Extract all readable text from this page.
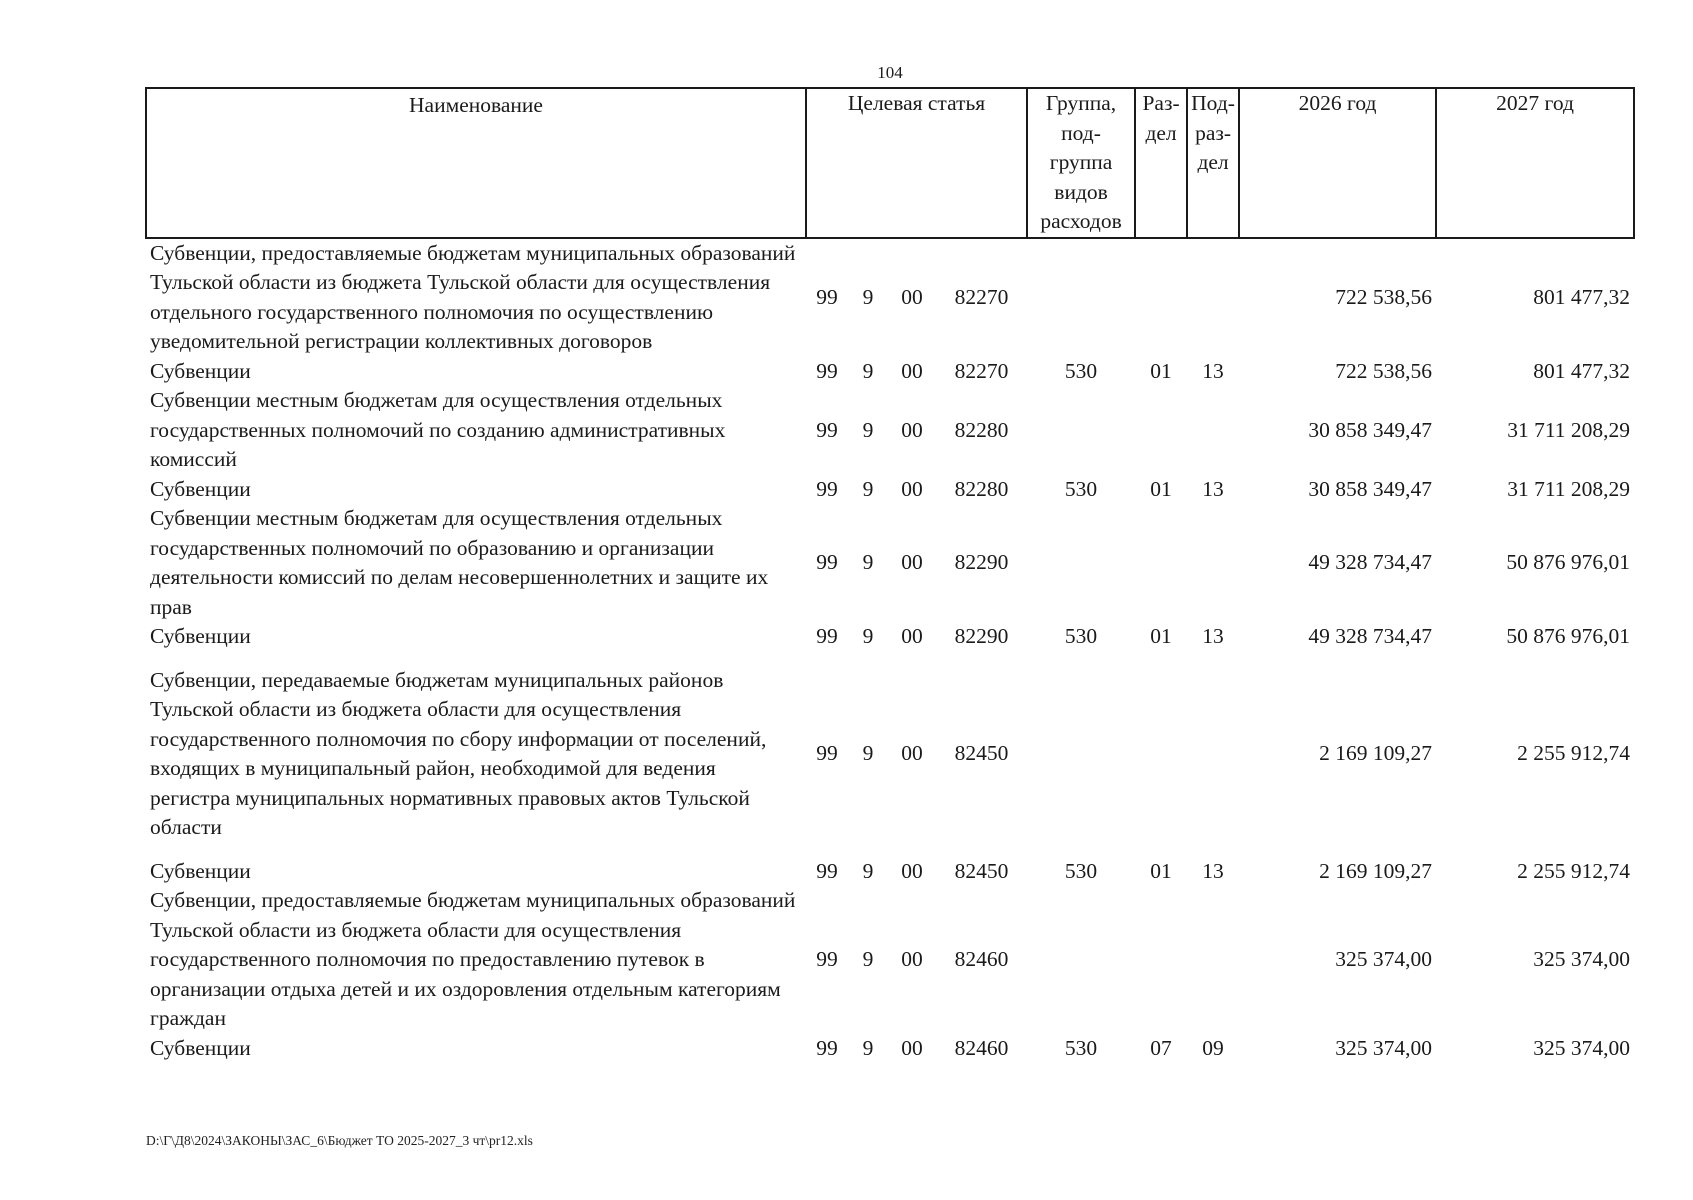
104
Наименование	Целевая статья				Группа, под-группа видов расходов	Раз-дел	Под-раз-дел	2026 год	2027 год
Субвенции, предоставляемые бюджетам муниципальных образований Тульской области из бюджета Тульской области для осуществления отдельного государственного полномочия по осуществлению уведомительной регистрации коллективных договоров	99	9	00	82270				722 538,56	801 477,32
Субвенции	99	9	00	82270	530	01	13	722 538,56	801 477,32
Субвенции местным бюджетам для осуществления отдельных государственных полномочий по созданию административных комиссий	99	9	00	82280				30 858 349,47	31 711 208,29
Субвенции	99	9	00	82280	530	01	13	30 858 349,47	31 711 208,29
Субвенции местным бюджетам для осуществления отдельных государственных полномочий по образованию и организации деятельности комиссий по делам несовершеннолетних и защите их прав	99	9	00	82290				49 328 734,47	50 876 976,01
Субвенции	99	9	00	82290	530	01	13	49 328 734,47	50 876 976,01
Субвенции, передаваемые бюджетам муниципальных районов Тульской области из бюджета области для осуществления государственного полномочия по сбору информации от поселений, входящих в муниципальный район, необходимой для ведения регистра муниципальных нормативных правовых актов Тульской области	99	9	00	82450				2 169 109,27	2 255 912,74
Субвенции	99	9	00	82450	530	01	13	2 169 109,27	2 255 912,74
Субвенции, предоставляемые бюджетам муниципальных образований Тульской области из бюджета области для осуществления государственного полномочия по предоставлению путевок в организации отдыха детей и их оздоровления отдельным категориям граждан	99	9	00	82460				325 374,00	325 374,00
Субвенции	99	9	00	82460	530	07	09	325 374,00	325 374,00
D:\Г\Д8\2024\ЗАКОНЫ\ЗАС_6\Бюджет ТО 2025-2027_3 чт\pr12.xls
